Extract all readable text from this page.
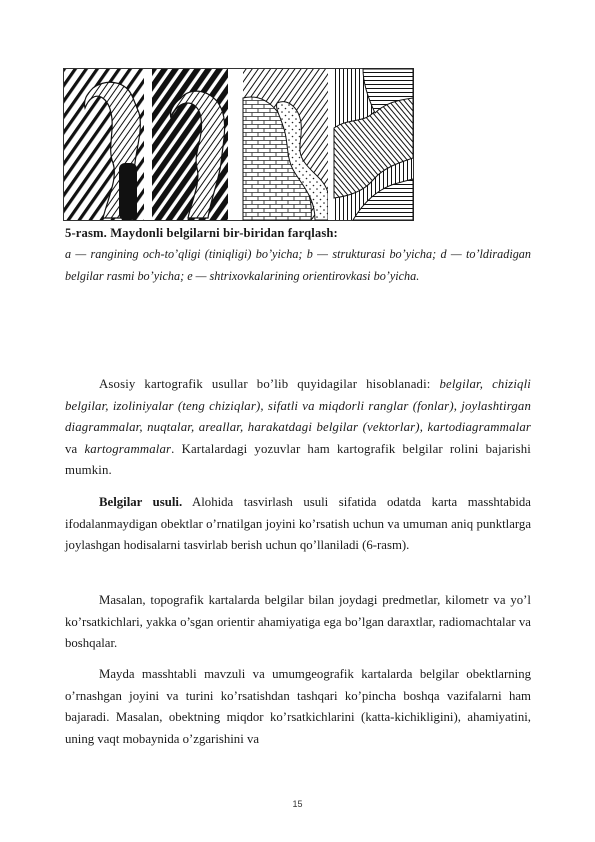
5-rasm. Maydonli belgilarni bir-biridan farqlash:
a — rangining och-to’qligi (tiniqligi) bo’yicha; b — strukturasi bo’yicha; d — to’ldiradigan belgilar rasmi bo’yicha; e — shtrixovkalarining orientirovkasi bo’yicha.
Asosiy kartografik usullar bo’lib quyidagilar hisoblanadi: belgilar, chiziqli belgilar, izoliniyalar (teng chiziqlar), sifatli va miqdorli ranglar (fonlar), joylashtirgan diagrammalar, nuqtalar, areallar, harakatdagi belgilar (vektorlar), kartodiagrammalar va kartogrammalar. Kartalardagi yozuvlar ham kartografik belgilar rolini bajarishi mumkin.
Belgilar usuli. Alohida tasvirlash usuli sifatida odatda karta masshtabida ifodalanmaydigan obektlar o’rnatilgan joyini ko’rsatish uchun va umuman aniq punktlarga joylashgan hodisalarni tasvirlab berish uchun qo’llaniladi (6-rasm).
Masalan, topografik kartalarda belgilar bilan joydagi predmetlar, kilometr va yo’l ko’rsatkichlari, yakka o’sgan orientir ahamiyatiga ega bo’lgan daraxtlar, radiomachtalar va boshqalar.
Mayda masshtabli mavzuli va umumgeografik kartalarda belgilar obektlarning o’rnashgan joyini va turini ko’rsatishdan tashqari ko’pincha boshqa vazifalarni ham bajaradi. Masalan, obektning miqdor ko’rsatkichlarini (katta-kichikligini), ahamiyatini, uning vaqt mobaynida o’zgarishini va
15
